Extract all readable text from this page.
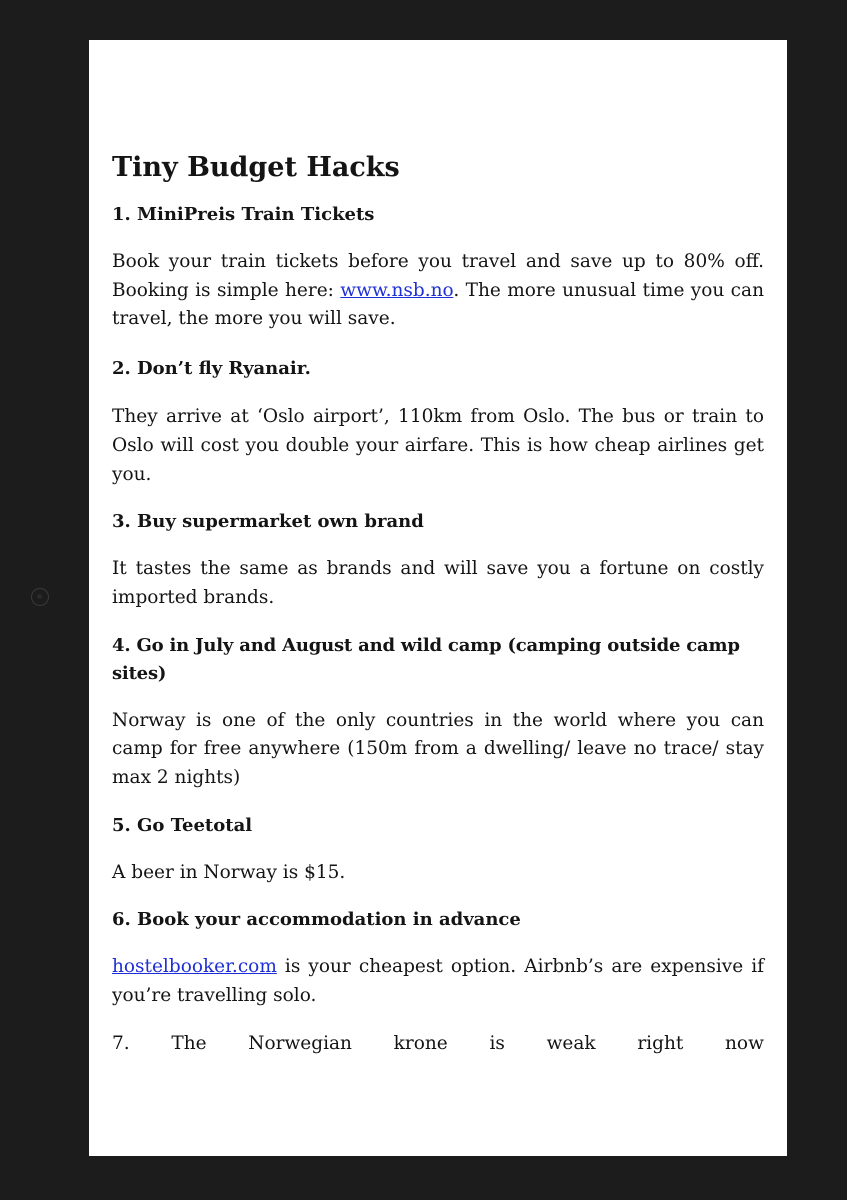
Tiny Budget Hacks

1. MiniPreis Train Tickets

Book your train tickets before you travel and save up to 80% off. Booking is simple here: www.nsb.no. The more unusual time you can travel, the more you will save.

2. Don’t fly Ryanair.

They arrive at ‘Oslo airport’, 110km from Oslo. The bus or train to Oslo will cost you double your airfare. This is how cheap airlines get you.

3. Buy supermarket own brand

It tastes the same as brands and will save you a fortune on costly imported brands.

4. Go in July and August and wild camp (camping outside camp sites)

Norway is one of the only countries in the world where you can camp for free anywhere (150m from a dwelling/ leave no trace/ stay max 2 nights)

5. Go Teetotal

A beer in Norway is $15.

6. Book your accommodation in advance

hostelbooker.com is your cheapest option. Airbnb’s are expensive if you’re travelling solo.

7. The Norwegian krone is weak right now
